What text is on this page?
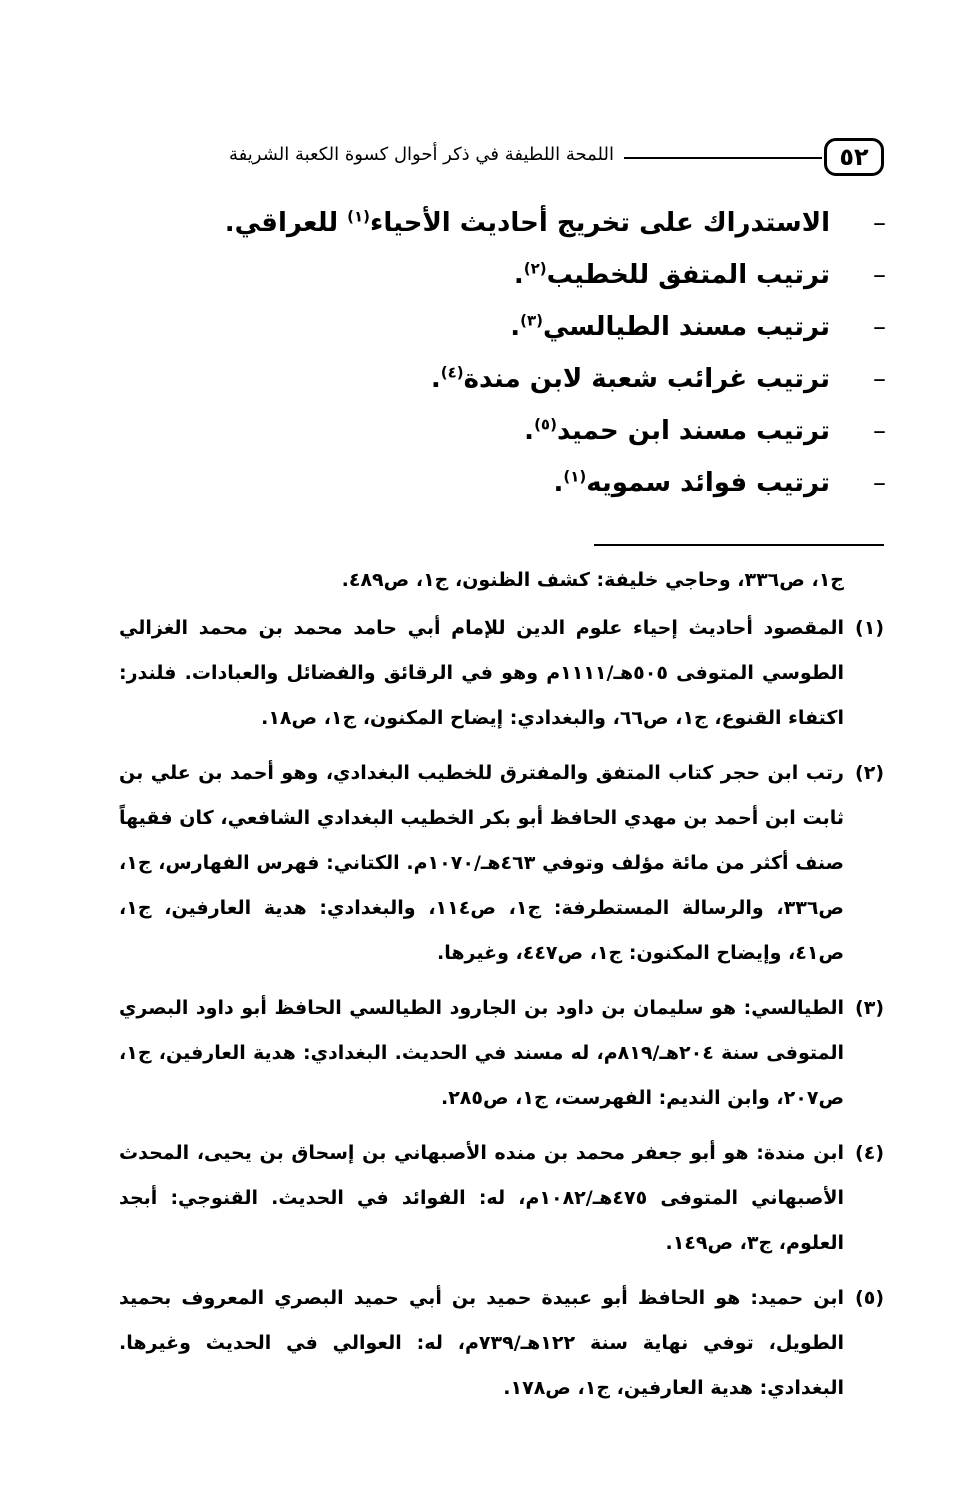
٥٢
اللمحة اللطيفة في ذكر أحوال كسوة الكعبة الشريفة
–
الاستدراك على تخريج أحاديث الأحياء$^{(١)}$ للعراقي.
–
ترتيب المتفق للخطيب$^{(٢)}$.
–
ترتيب مسند الطيالسي$^{(٣)}$.
–
ترتيب غرائب شعبة لابن مندة$^{(٤)}$.
–
ترتيب مسند ابن حميد$^{(٥)}$.
–
ترتيب فوائد سمويه$^{(١)}$.
ج١، ص٣٣٦، وحاجي خليفة: كشف الظنون، ج١، ص٤٨٩.
(١)
المقصود أحاديث إحياء علوم الدين للإمام أبي حامد محمد بن محمد الغزالي الطوسي المتوفى ٥٠٥هـ/١١١١م وهو في الرقائق والفضائل والعبادات. فلندر: اكتفاء القنوع، ج١، ص٦٦، والبغدادي: إيضاح المكنون، ج١، ص١٨.
(٢)
رتب ابن حجر كتاب المتفق والمفترق للخطيب البغدادي، وهو أحمد بن علي بن ثابت ابن أحمد بن مهدي الحافظ أبو بكر الخطيب البغدادي الشافعي، كان فقيهاً صنف أكثر من مائة مؤلف وتوفي ٤٦٣هـ/١٠٧٠م. الكتاني: فهرس الفهارس، ج١، ص٣٣٦، والرسالة المستطرفة: ج١، ص١١٤، والبغدادي: هدية العارفين، ج١، ص٤١، وإيضاح المكنون: ج١، ص٤٤٧، وغيرها.
(٣)
الطيالسي: هو سليمان بن داود بن الجارود الطيالسي الحافظ أبو داود البصري المتوفى سنة ٢٠٤هـ/٨١٩م، له مسند في الحديث. البغدادي: هدية العارفين، ج١، ص٢٠٧، وابن النديم: الفهرست، ج١، ص٢٨٥.
(٤)
ابن مندة: هو أبو جعفر محمد بن منده الأصبهاني بن إسحاق بن يحيى، المحدث الأصبهاني المتوفى ٤٧٥هـ/١٠٨٢م، له: الفوائد في الحديث. القنوجي: أبجد العلوم، ج٣، ص١٤٩.
(٥)
ابن حميد: هو الحافظ أبو عبيدة حميد بن أبي حميد البصري المعروف بحميد الطويل، توفي نهاية سنة ١٢٢هـ/٧٣٩م، له: العوالي في الحديث وغيرها. البغدادي: هدية العارفين، ج١، ص١٧٨.
